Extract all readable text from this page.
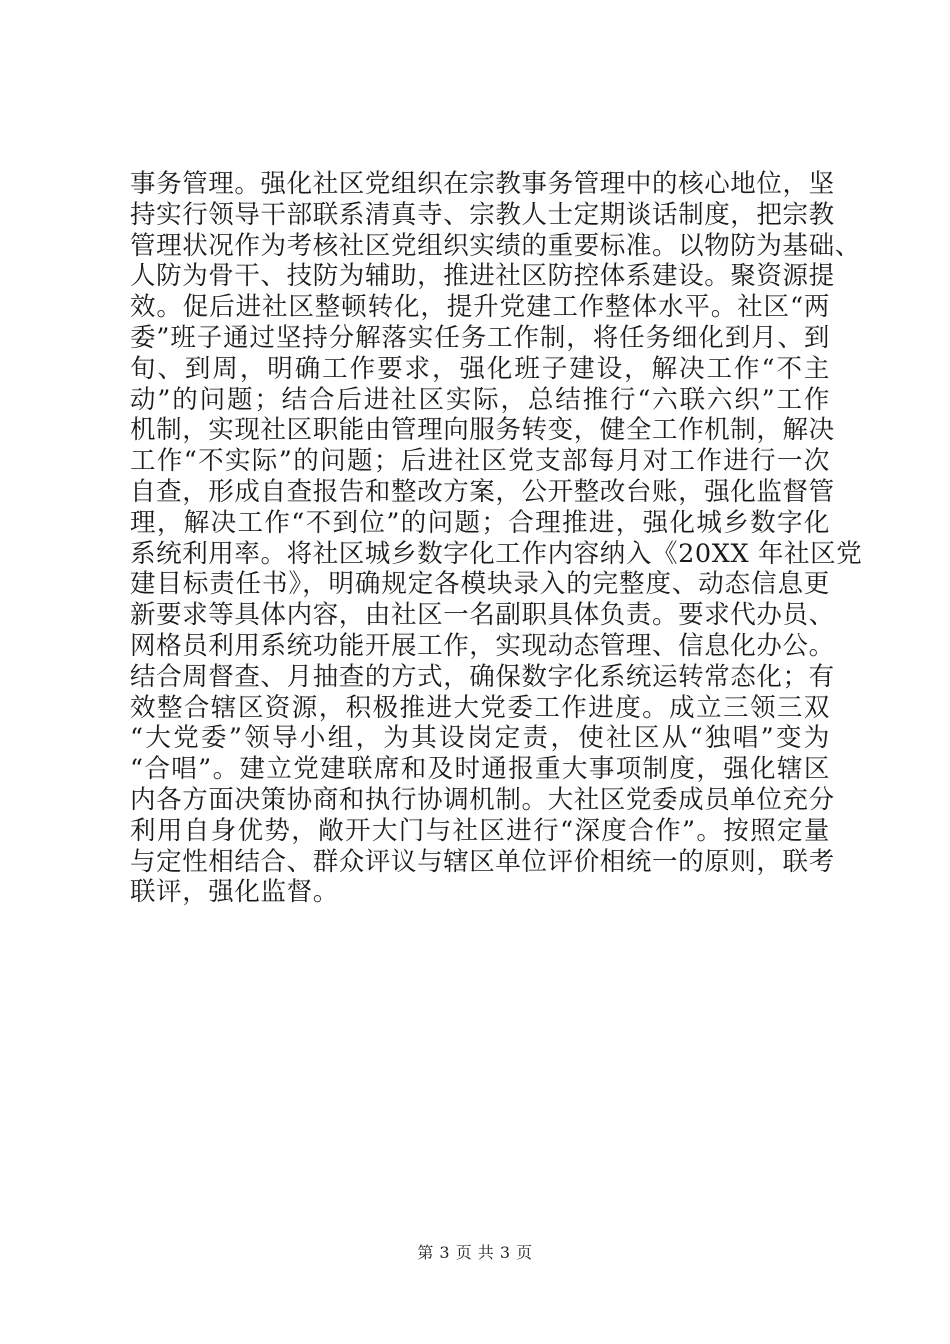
事务管理。强化社区党组织在宗教事务管理中的核心地位，坚
持实行领导干部联系清真寺、宗教人士定期谈话制度，把宗教
管理状况作为考核社区党组织实绩的重要标准。以物防为基础、
人防为骨干、技防为辅助，推进社区防控体系建设。聚资源提
效。促后进社区整顿转化，提升党建工作整体水平。社区“两
委”班子通过坚持分解落实任务工作制，将任务细化到月、到
旬、到周，明确工作要求，强化班子建设，解决工作“不主
动”的问题；结合后进社区实际，总结推行“六联六织”工作
机制，实现社区职能由管理向服务转变，健全工作机制，解决
工作“不实际”的问题；后进社区党支部每月对工作进行一次
自查，形成自查报告和整改方案，公开整改台账，强化监督管
理，解决工作“不到位”的问题；合理推进，强化城乡数字化
系统利用率。将社区城乡数字化工作内容纳入《20XX 年社区党
建目标责任书》，明确规定各模块录入的完整度、动态信息更
新要求等具体内容，由社区一名副职具体负责。要求代办员、
网格员利用系统功能开展工作，实现动态管理、信息化办公。
结合周督查、月抽查的方式，确保数字化系统运转常态化；有
效整合辖区资源，积极推进大党委工作进度。成立三领三双
“大党委”领导小组，为其设岗定责，使社区从“独唱”变为
“合唱”。建立党建联席和及时通报重大事项制度，强化辖区
内各方面决策协商和执行协调机制。大社区党委成员单位充分
利用自身优势，敞开大门与社区进行“深度合作”。按照定量
与定性相结合、群众评议与辖区单位评价相统一的原则，联考
联评，强化监督。
第 3 页 共 3 页
